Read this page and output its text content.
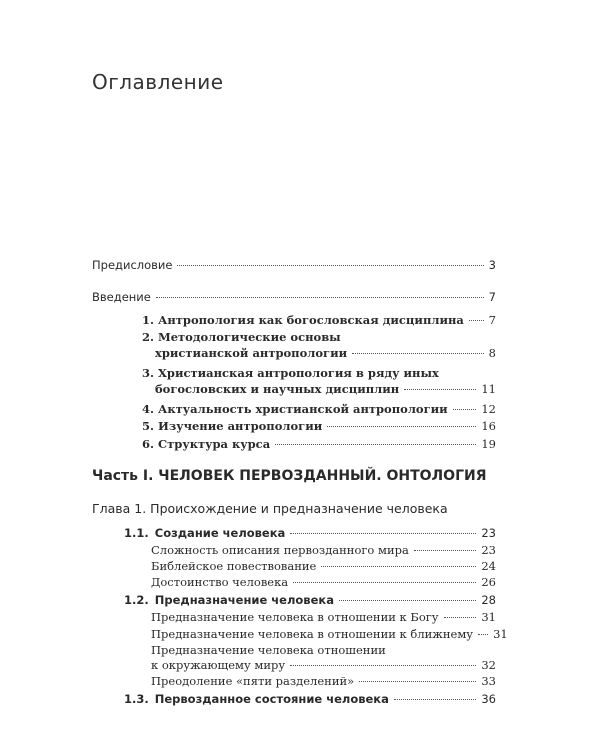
Оглавление
Предисловие	3
Введение	7
1. Антропология как богословская дисциплина 7
2. Методологические основы
христианской антропологии	8
3. Христианская антропология в ряду иных
богословских и научных дисциплин	11
4. Актуальность христианской антропологии	12
5. Изучение антропологии	16
6. Структура курса	19
Часть I. ЧЕЛОВЕК ПЕРВОЗДАННЫЙ. ОНТОЛОГИЯ
Глава 1. Происхождение и предназначение человека
1.1. Создание человека	23
Сложность описания первозданного мира	23
Библейское повествование	24
Достоинство человека	26
1.2. Предназначение человека	28
Предназначение человека в отношении к Богу	31
Предназначение человека в отношении к ближнему 31
Предназначение человека отношении
к окружающему миру	32
Преодоление «пяти разделений»	33
1.3. Первозданное состояние человека	36
